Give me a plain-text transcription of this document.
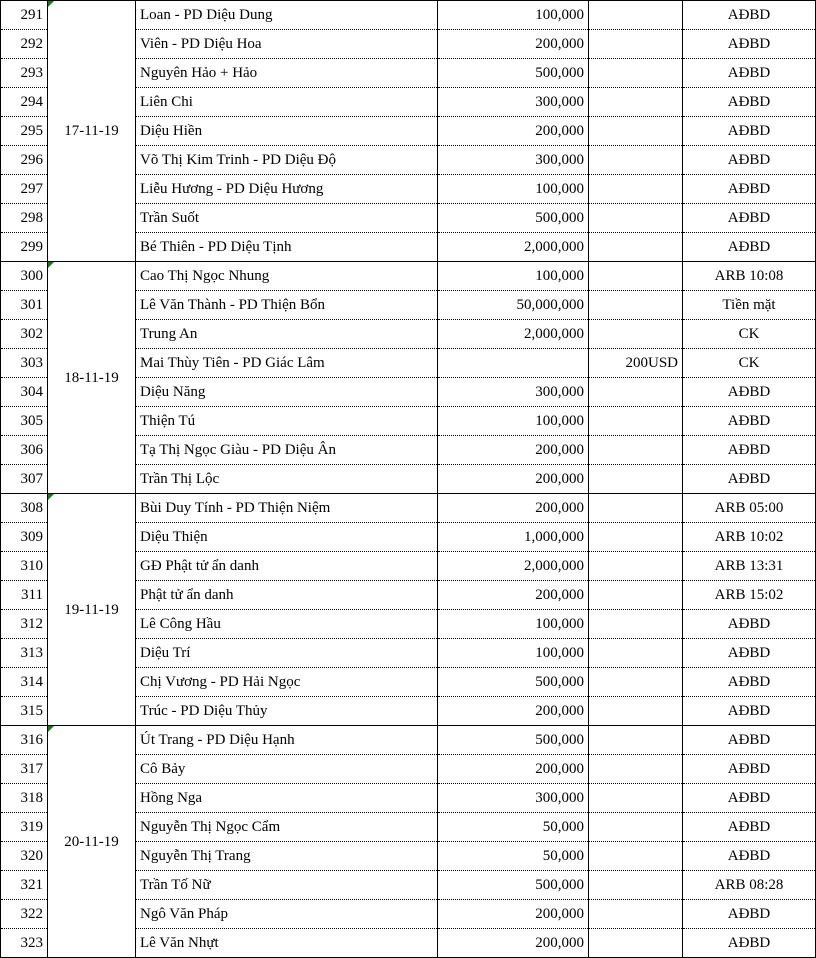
291	17-11-19	Loan - PD Diệu Dung	100,000		AĐBD
292		Viên - PD Diệu Hoa	200,000		AĐBD
293		Nguyên Hảo + Hảo	500,000		AĐBD
294		Liên Chi	300,000		AĐBD
295		Diệu Hiền	200,000		AĐBD
296		Võ Thị Kim Trinh - PD Diệu Độ	300,000		AĐBD
297		Liễu Hương - PD Diệu Hương	100,000		AĐBD
298		Trần Suốt	500,000		AĐBD
299		Bé Thiên - PD Diệu Tịnh	2,000,000		AĐBD
300	18-11-19	Cao Thị Ngọc Nhung	100,000		ARB 10:08
301		Lê Văn Thành - PD Thiện Bổn	50,000,000		Tiền mặt
302		Trung An	2,000,000		CK
303		Mai Thùy Tiên - PD Giác Lâm		200USD	CK
304		Diệu Năng	300,000		AĐBD
305		Thiện Tú	100,000		AĐBD
306		Tạ Thị Ngọc Giàu - PD Diệu Ân	200,000		AĐBD
307		Trần Thị Lộc	200,000		AĐBD
308	19-11-19	Bùi Duy Tính - PD Thiện Niệm	200,000		ARB 05:00
309		Diệu Thiện	1,000,000		ARB 10:02
310		GĐ Phật tử ẩn danh	2,000,000		ARB 13:31
311		Phật tử ẩn danh	200,000		ARB 15:02
312		Lê Công Hầu	100,000		AĐBD
313		Diệu Trí	100,000		AĐBD
314		Chị Vương - PD Hải Ngọc	500,000		AĐBD
315		Trúc - PD Diệu Thủy	200,000		AĐBD
316	20-11-19	Út Trang - PD Diệu Hạnh	500,000		AĐBD
317		Cô Bảy	200,000		AĐBD
318		Hồng Nga	300,000		AĐBD
319		Nguyễn Thị Ngọc Cẩm	50,000		AĐBD
320		Nguyễn Thị Trang	50,000		AĐBD
321		Trần Tố Nữ	500,000		ARB 08:28
322		Ngô Văn Pháp	200,000		AĐBD
323		Lê Văn Nhựt	200,000		AĐBD
